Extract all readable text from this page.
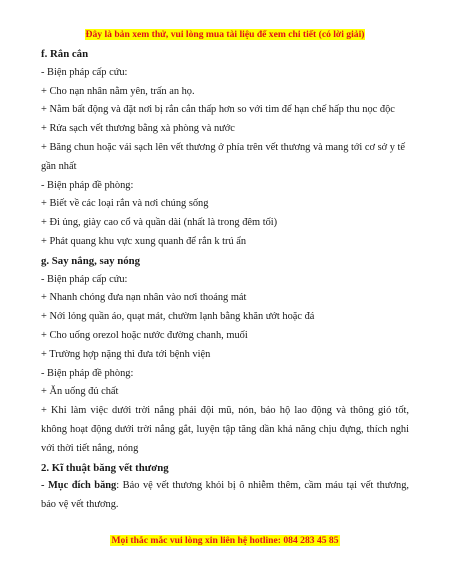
Đây là bản xem thử, vui lòng mua tài liệu để xem chi tiết (có lời giải)

f. Rắn cắn

- Biện pháp cấp cứu:

+ Cho nạn nhân nằm yên, trấn an họ.

+ Nằm bất động và đặt nơi bị rắn cắn thấp hơn so với tim để hạn chế hấp thu nọc độc

+ Rửa sạch vết thương bằng xà phòng và nước

+ Băng chun hoặc vải sạch lên vết thương ở phía trên vết thương và mang tới cơ sở y tế gần nhất

- Biện pháp đề phòng:

+ Biết về các loại rắn và nơi chúng sống

+ Đi ủng, giày cao cổ và quần dài (nhất là trong đêm tối)

+ Phát quang khu vực xung quanh để rắn k trú ẩn

g. Say nắng, say nóng

- Biện pháp cấp cứu:

+ Nhanh chóng đưa nạn nhân vào nơi thoáng mát

+ Nới lỏng quần áo, quạt mát, chườm lạnh bằng khăn ướt hoặc đá

+ Cho uống orezol hoặc nước đường chanh, muối

+ Trường hợp nặng thì đưa tới bệnh viện

- Biện pháp đề phòng:

+ Ăn uống đủ chất

+ Khi làm việc dưới trời nắng phải đội mũ, nón, bảo hộ lao động và thông gió tốt, không hoạt động dưới trời nắng gắt, luyện tập tăng dần khả năng chịu đựng, thích nghi với thời tiết nắng, nóng

2. Kĩ thuật băng vết thương

- Mục đích băng: Bảo vệ vết thương khỏi bị ô nhiễm thêm, cầm máu tại vết thương, bảo vệ vết thương.

Mọi thắc mắc vui lòng xin liên hệ hotline: 084 283 45 85
